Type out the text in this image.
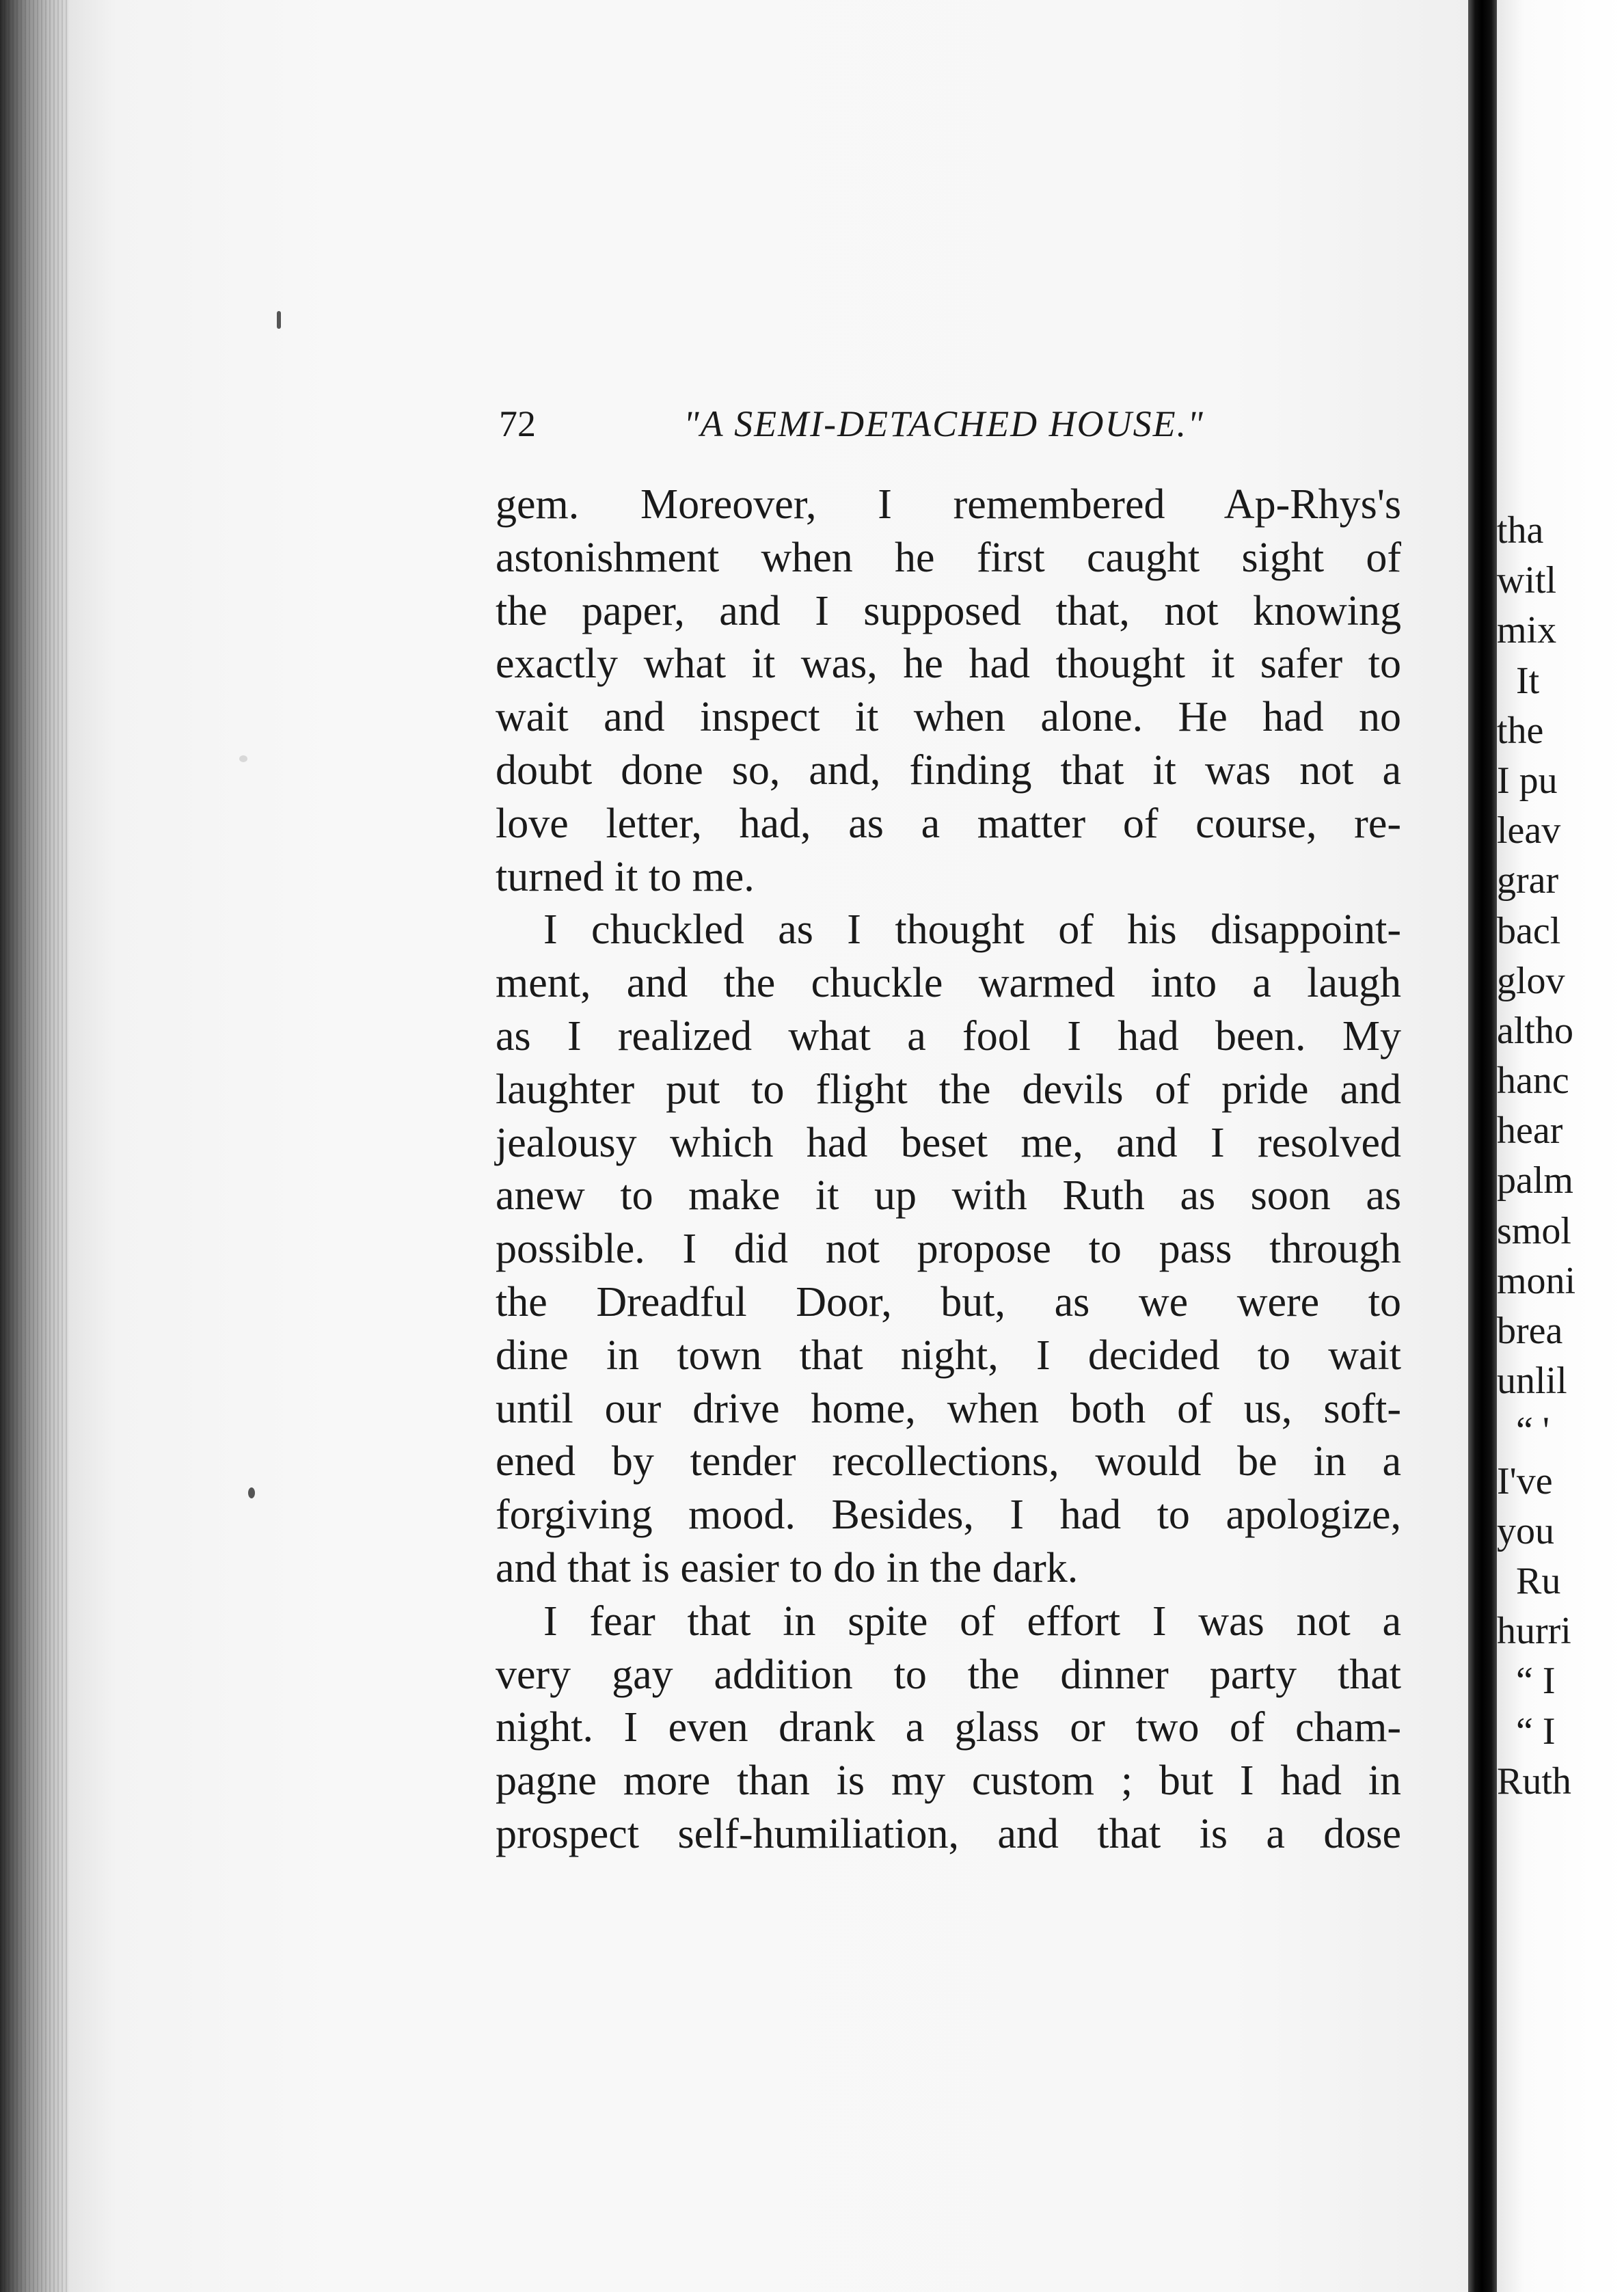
72	"A SEMI-DETACHED HOUSE."
gem. Moreover, I remembered Ap-Rhys's
astonishment when he first caught sight of
the paper, and I supposed that, not knowing
exactly what it was, he had thought it safer to
wait and inspect it when alone. He had no
doubt done so, and, finding that it was not a
love letter, had, as a matter of course, re-
turned it to me.
I chuckled as I thought of his disappoint-
ment, and the chuckle warmed into a laugh
as I realized what a fool I had been. My
laughter put to flight the devils of pride and
jealousy which had beset me, and I resolved
anew to make it up with Ruth as soon as
possible. I did not propose to pass through
the Dreadful Door, but, as we were to
dine in town that night, I decided to wait
until our drive home, when both of us, soft-
ened by tender recollections, would be in a
forgiving mood. Besides, I had to apologize,
and that is easier to do in the dark.
I fear that in spite of effort I was not a
very gay addition to the dinner party that
night. I even drank a glass or two of cham-
pagne more than is my custom ; but I had in
prospect self-humiliation, and that is a dose
tha
witl
mix
It
the
I pu
leav
grar
bacl
glov
altho
hanc
hear
palm
smol
moni
brea
unlil
“ '
I've
you
Ru
hurri
“ I
“ I
Ruth
